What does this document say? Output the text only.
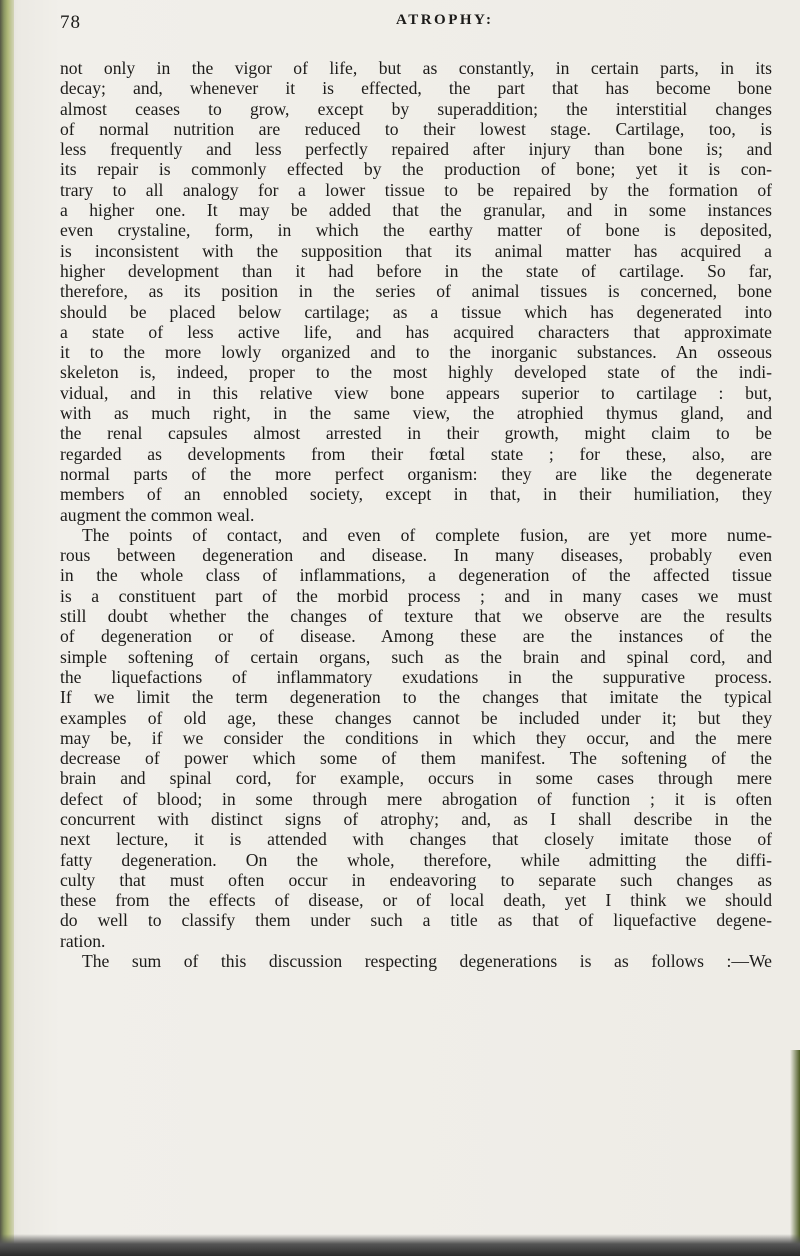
78	ATROPHY:
not only in the vigor of life, but as constantly, in certain parts, in its
decay; and, whenever it is effected, the part that has become bone
almost ceases to grow, except by superaddition; the interstitial changes
of normal nutrition are reduced to their lowest stage. Cartilage, too, is
less frequently and less perfectly repaired after injury than bone is; and
its repair is commonly effected by the production of bone; yet it is con-
trary to all analogy for a lower tissue to be repaired by the formation of
a higher one. It may be added that the granular, and in some instances
even crystaline, form, in which the earthy matter of bone is deposited,
is inconsistent with the supposition that its animal matter has acquired a
higher development than it had before in the state of cartilage. So far,
therefore, as its position in the series of animal tissues is concerned, bone
should be placed below cartilage; as a tissue which has degenerated into
a state of less active life, and has acquired characters that approximate
it to the more lowly organized and to the inorganic substances. An osseous
skeleton is, indeed, proper to the most highly developed state of the indi-
vidual, and in this relative view bone appears superior to cartilage : but,
with as much right, in the same view, the atrophied thymus gland, and
the renal capsules almost arrested in their growth, might claim to be
regarded as developments from their fœtal state ; for these, also, are
normal parts of the more perfect organism: they are like the degenerate
members of an ennobled society, except in that, in their humiliation, they
augment the common weal.
The points of contact, and even of complete fusion, are yet more nume-
rous between degeneration and disease. In many diseases, probably even
in the whole class of inflammations, a degeneration of the affected tissue
is a constituent part of the morbid process ; and in many cases we must
still doubt whether the changes of texture that we observe are the results
of degeneration or of disease. Among these are the instances of the
simple softening of certain organs, such as the brain and spinal cord, and
the liquefactions of inflammatory exudations in the suppurative process.
If we limit the term degeneration to the changes that imitate the typical
examples of old age, these changes cannot be included under it; but they
may be, if we consider the conditions in which they occur, and the mere
decrease of power which some of them manifest. The softening of the
brain and spinal cord, for example, occurs in some cases through mere
defect of blood; in some through mere abrogation of function ; it is often
concurrent with distinct signs of atrophy; and, as I shall describe in the
next lecture, it is attended with changes that closely imitate those of
fatty degeneration. On the whole, therefore, while admitting the diffi-
culty that must often occur in endeavoring to separate such changes as
these from the effects of disease, or of local death, yet I think we should
do well to classify them under such a title as that of liquefactive degene-
ration.
The sum of this discussion respecting degenerations is as follows :—We
